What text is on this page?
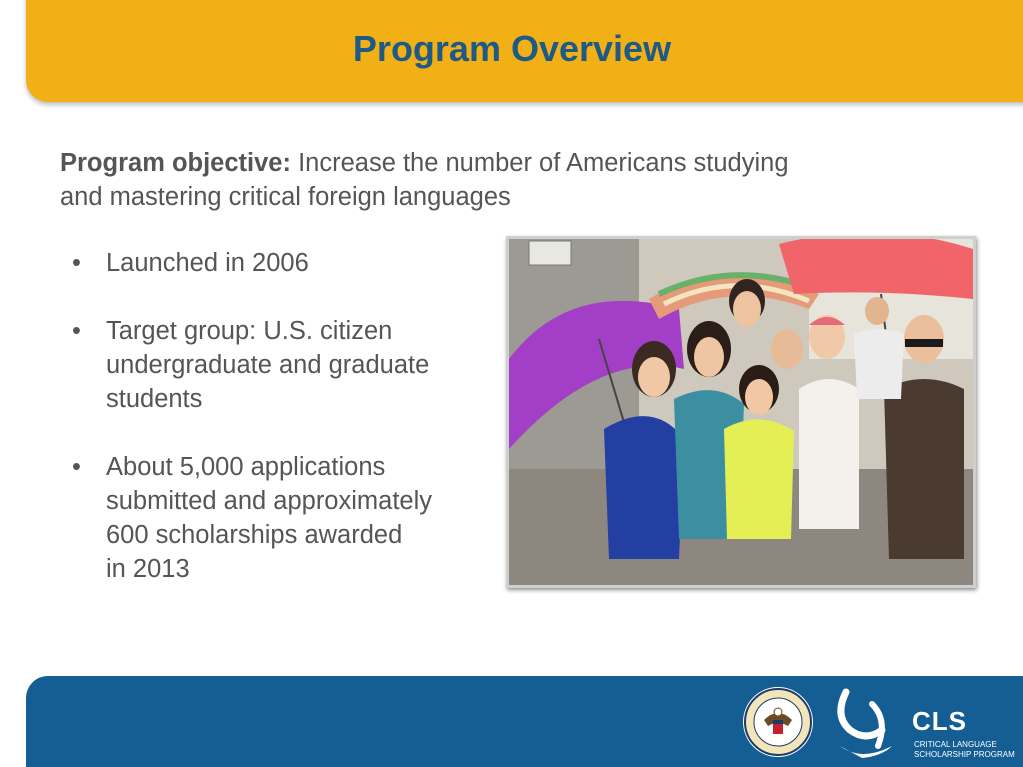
Program Overview

Program objective: Increase the number of Americans studying and mastering critical foreign languages

• Launched in 2006
• Target group: U.S. citizen undergraduate and graduate students
• About 5,000 applications
submitted and approximately
600 scholarships awarded
in 2013
CLS
CRITICAL LANGUAGE SCHOLARSHIP PROGRAM
